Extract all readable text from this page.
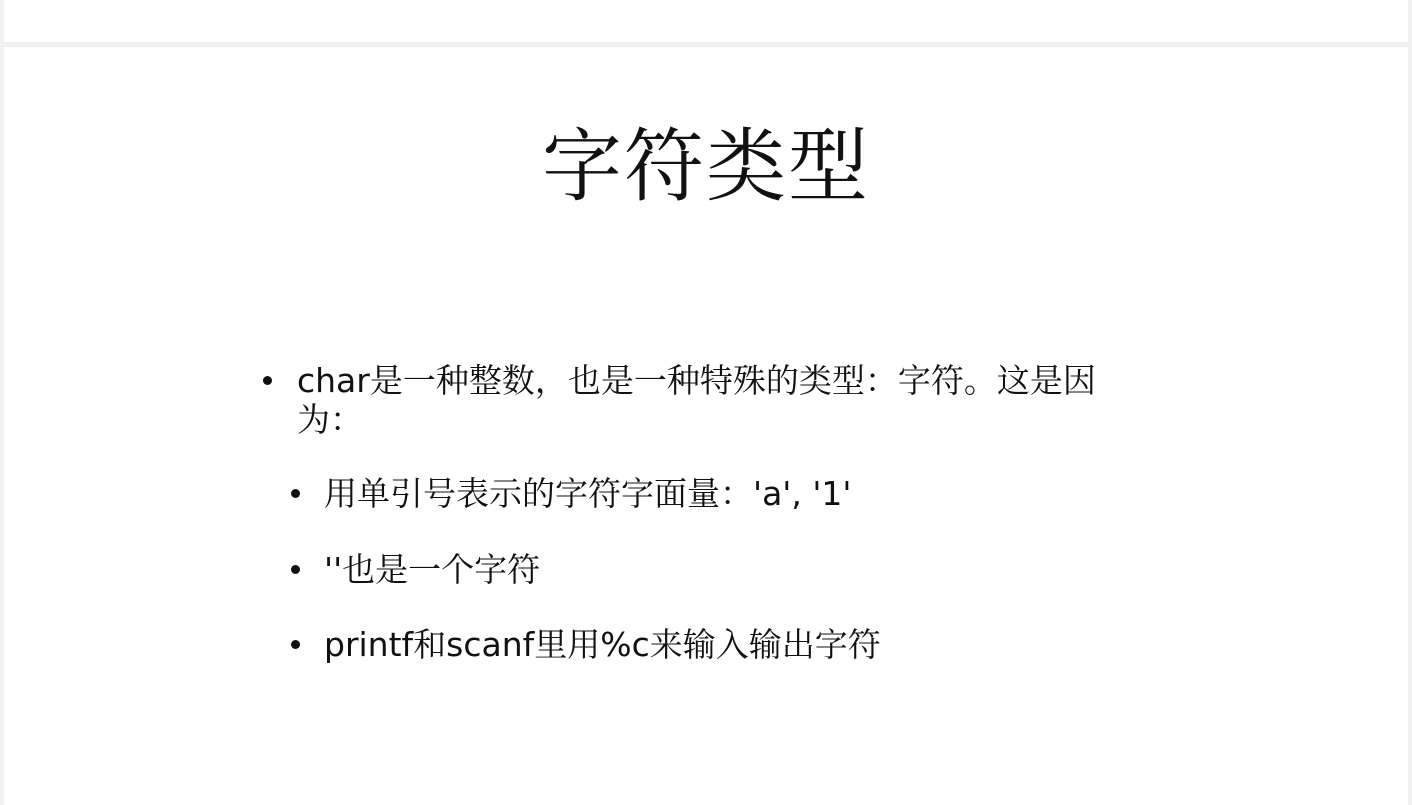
字符类型
char是一种整数，也是一种特殊的类型：字符。这是因为：
用单引号表示的字符字面量：'a', '1'
''也是一个字符
printf和scanf里用%c来输入输出字符
